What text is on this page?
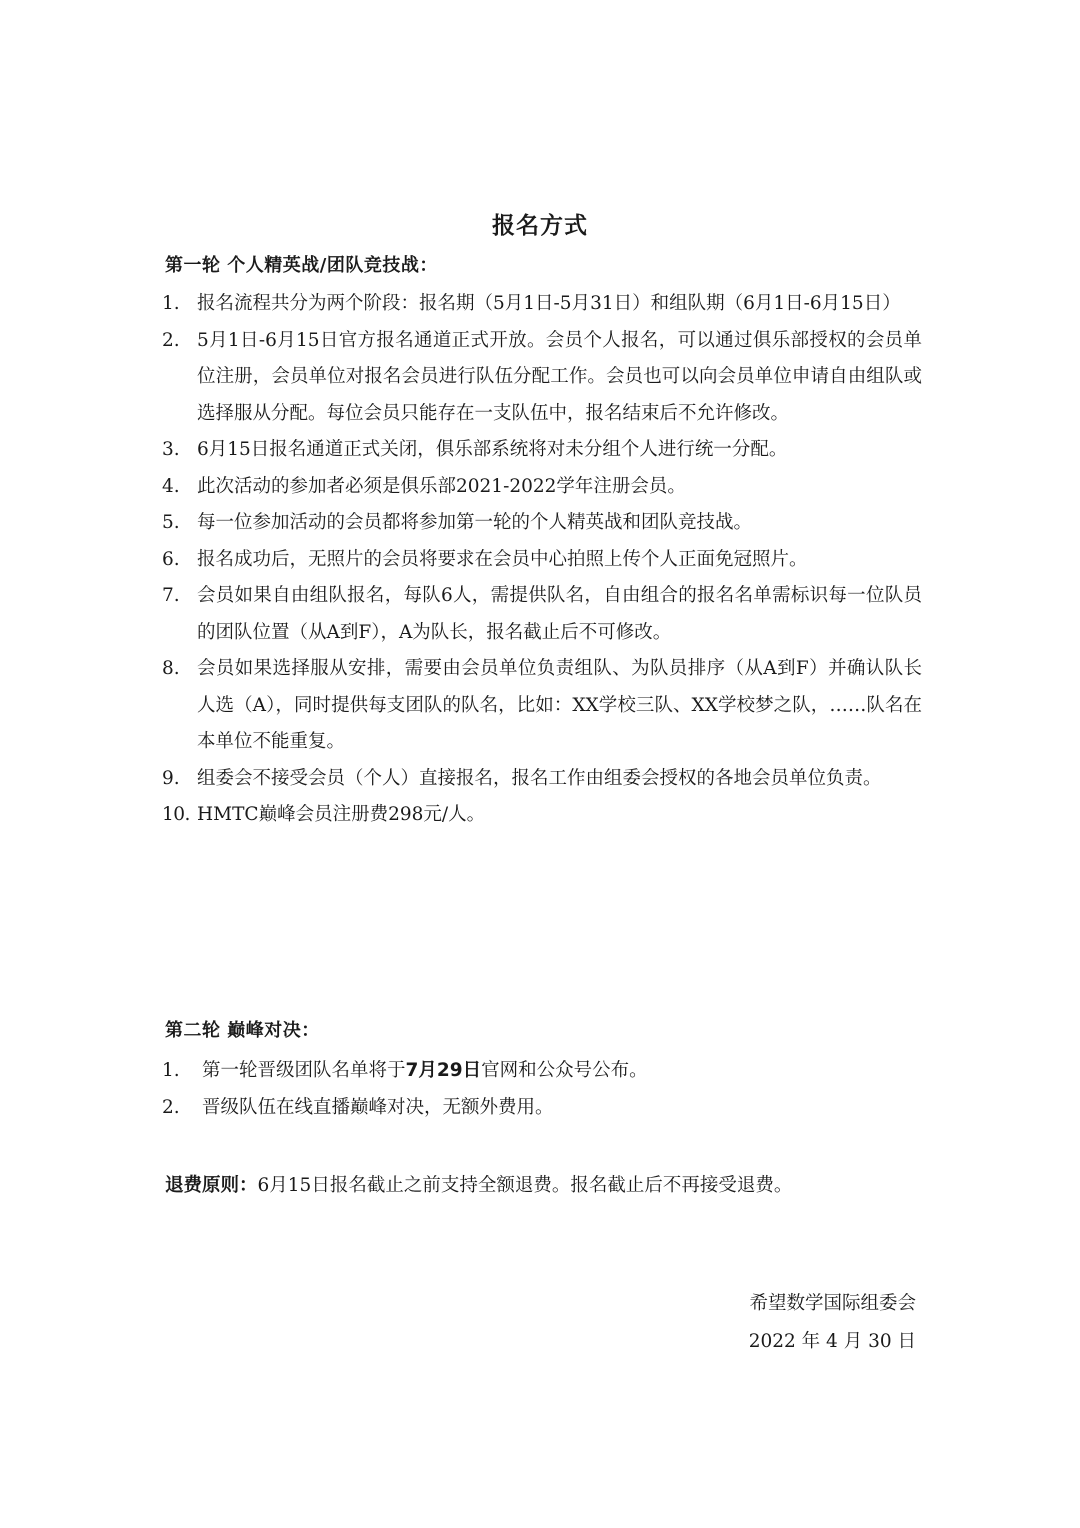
报名方式
第一轮 个人精英战/团队竞技战：
1. 报名流程共分为两个阶段：报名期（5月1日-5月31日）和组队期（6月1日-6月15日）
2. 5月1日-6月15日官方报名通道正式开放。会员个人报名，可以通过俱乐部授权的会员单位注册，会员单位对报名会员进行队伍分配工作。会员也可以向会员单位申请自由组队或选择服从分配。每位会员只能存在一支队伍中，报名结束后不允许修改。
3. 6月15日报名通道正式关闭，俱乐部系统将对未分组个人进行统一分配。
4. 此次活动的参加者必须是俱乐部2021-2022学年注册会员。
5. 每一位参加活动的会员都将参加第一轮的个人精英战和团队竞技战。
6. 报名成功后，无照片的会员将要求在会员中心拍照上传个人正面免冠照片。
7. 会员如果自由组队报名，每队6人，需提供队名，自由组合的报名名单需标识每一位队员的团队位置（从A到F），A为队长，报名截止后不可修改。
8. 会员如果选择服从安排，需要由会员单位负责组队、为队员排序（从A到F）并确认队长人选（A），同时提供每支团队的队名，比如：XX学校三队、XX学校梦之队，……队名在本单位不能重复。
9. 组委会不接受会员（个人）直接报名，报名工作由组委会授权的各地会员单位负责。
10. HMTC巅峰会员注册费298元/人。
第二轮 巅峰对决：
1.	第一轮晋级团队名单将于7月29日官网和公众号公布。
2.	晋级队伍在线直播巅峰对决，无额外费用。
退费原则：6月15日报名截止之前支持全额退费。报名截止后不再接受退费。
希望数学国际组委会
2022 年 4 月 30 日
